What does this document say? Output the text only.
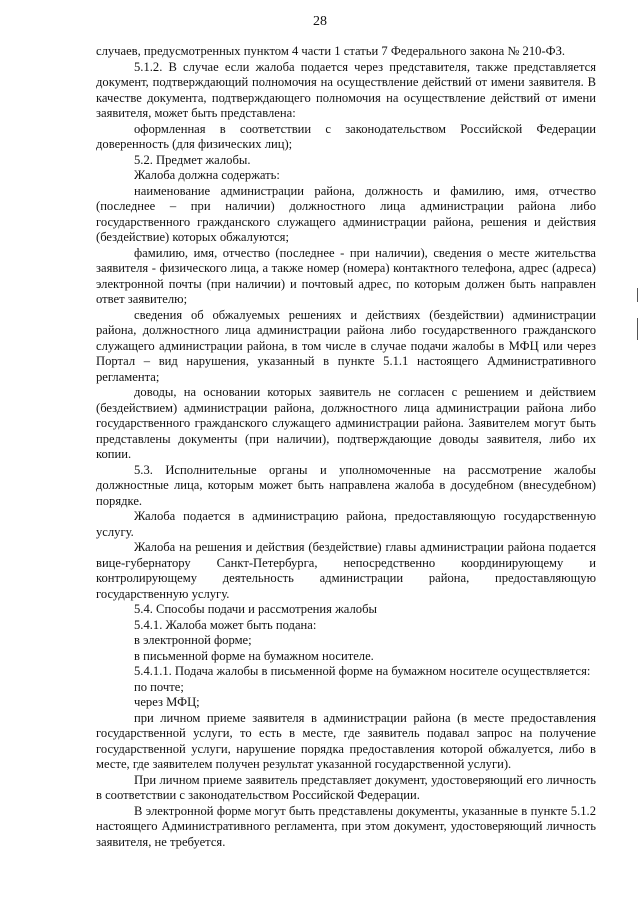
28

случаев, предусмотренных пунктом 4 части 1 статьи 7 Федерального закона № 210-ФЗ.

5.1.2. В случае если жалоба подается через представителя, также представляется документ, подтверждающий полномочия на осуществление действий от имени заявителя. В качестве документа, подтверждающего полномочия на осуществление действий от имени заявителя, может быть представлена:

оформленная в соответствии с законодательством Российской Федерации доверенность (для физических лиц);

5.2. Предмет жалобы.

Жалоба должна содержать:

наименование администрации района, должность и фамилию, имя, отчество (последнее – при наличии) должностного лица администрации района либо государственного гражданского служащего администрации района, решения и действия (бездействие) которых обжалуются;

фамилию, имя, отчество (последнее - при наличии), сведения о месте жительства заявителя - физического лица, а также номер (номера) контактного телефона, адрес (адреса) электронной почты (при наличии) и почтовый адрес, по которым должен быть направлен ответ заявителю;

сведения об обжалуемых решениях и действиях (бездействии) администрации района, должностного лица администрации района либо государственного гражданского служащего администрации района, в том числе в случае подачи жалобы в МФЦ или через Портал – вид нарушения, указанный в пункте 5.1.1 настоящего Административного регламента;

доводы, на основании которых заявитель не согласен с решением и действием (бездействием) администрации района, должностного лица администрации района либо государственного гражданского служащего администрации района. Заявителем могут быть представлены документы (при наличии), подтверждающие доводы заявителя, либо их копии.

5.3. Исполнительные органы и уполномоченные на рассмотрение жалобы должностные лица, которым может быть направлена жалоба в досудебном (внесудебном) порядке.

Жалоба подается в администрацию района, предоставляющую государственную услугу.

Жалоба на решения и действия (бездействие) главы администрации района подается вице-губернатору Санкт-Петербурга, непосредственно координирующему и контролирующему деятельность администрации района, предоставляющую государственную услугу.

5.4. Способы подачи и рассмотрения жалобы

5.4.1. Жалоба может быть подана:

в электронной форме;

в письменной форме на бумажном носителе.

5.4.1.1. Подача жалобы в письменной форме на бумажном носителе осуществляется:

по почте;

через МФЦ;

при личном приеме заявителя в администрации района (в месте предоставления государственной услуги, то есть в месте, где заявитель подавал запрос на получение государственной услуги, нарушение порядка предоставления которой обжалуется, либо в месте, где заявителем получен результат указанной государственной услуги).

При личном приеме заявитель представляет документ, удостоверяющий его личность в соответствии с законодательством Российской Федерации.

В электронной форме могут быть представлены документы, указанные в пункте 5.1.2 настоящего Административного регламента, при этом документ, удостоверяющий личность заявителя, не требуется.
